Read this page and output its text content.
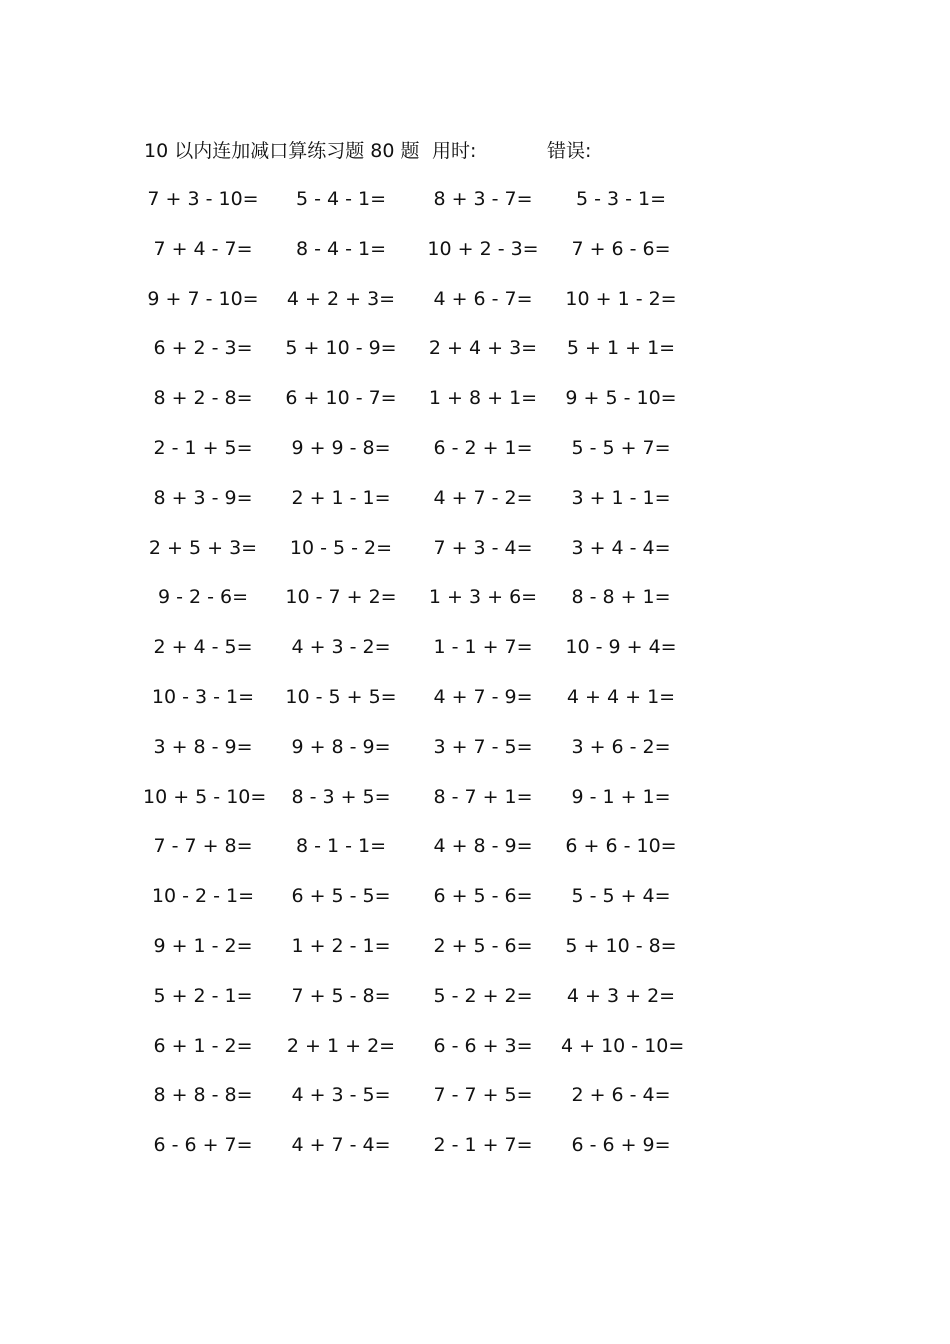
10 以内连加减口算练习题 80 题 用时:	错误:
7 + 3 - 10=	5 - 4 - 1=	8 + 3 - 7=	5 - 3 - 1=
7 + 4 - 7=	8 - 4 - 1=	10 + 2 - 3=	7 + 6 - 6=
9 + 7 - 10=	4 + 2 + 3=	4 + 6 - 7=	10 + 1 - 2=
6 + 2 - 3=	5 + 10 - 9=	2 + 4 + 3=	5 + 1 + 1=
8 + 2 - 8=	6 + 10 - 7=	1 + 8 + 1=	9 + 5 - 10=
2 - 1 + 5=	9 + 9 - 8=	6 - 2 + 1=	5 - 5 + 7=
8 + 3 - 9=	2 + 1 - 1=	4 + 7 - 2=	3 + 1 - 1=
2 + 5 + 3=	10 - 5 - 2=	7 + 3 - 4=	3 + 4 - 4=
9 - 2 - 6=	10 - 7 + 2=	1 + 3 + 6=	8 - 8 + 1=
2 + 4 - 5=	4 + 3 - 2=	1 - 1 + 7=	10 - 9 + 4=
10 - 3 - 1=	10 - 5 + 5=	4 + 7 - 9=	4 + 4 + 1=
3 + 8 - 9=	9 + 8 - 9=	3 + 7 - 5=	3 + 6 - 2=
10 + 5 - 10=	8 - 3 + 5=	8 - 7 + 1=	9 - 1 + 1=
7 - 7 + 8=	8 - 1 - 1=	4 + 8 - 9=	6 + 6 - 10=
10 - 2 - 1=	6 + 5 - 5=	6 + 5 - 6=	5 - 5 + 4=
9 + 1 - 2=	1 + 2 - 1=	2 + 5 - 6=	5 + 10 - 8=
5 + 2 - 1=	7 + 5 - 8=	5 - 2 + 2=	4 + 3 + 2=
6 + 1 - 2=	2 + 1 + 2=	6 - 6 + 3=	4 + 10 - 10=
8 + 8 - 8=	4 + 3 - 5=	7 - 7 + 5=	2 + 6 - 4=
6 - 6 + 7=	4 + 7 - 4=	2 - 1 + 7=	6 - 6 + 9=
